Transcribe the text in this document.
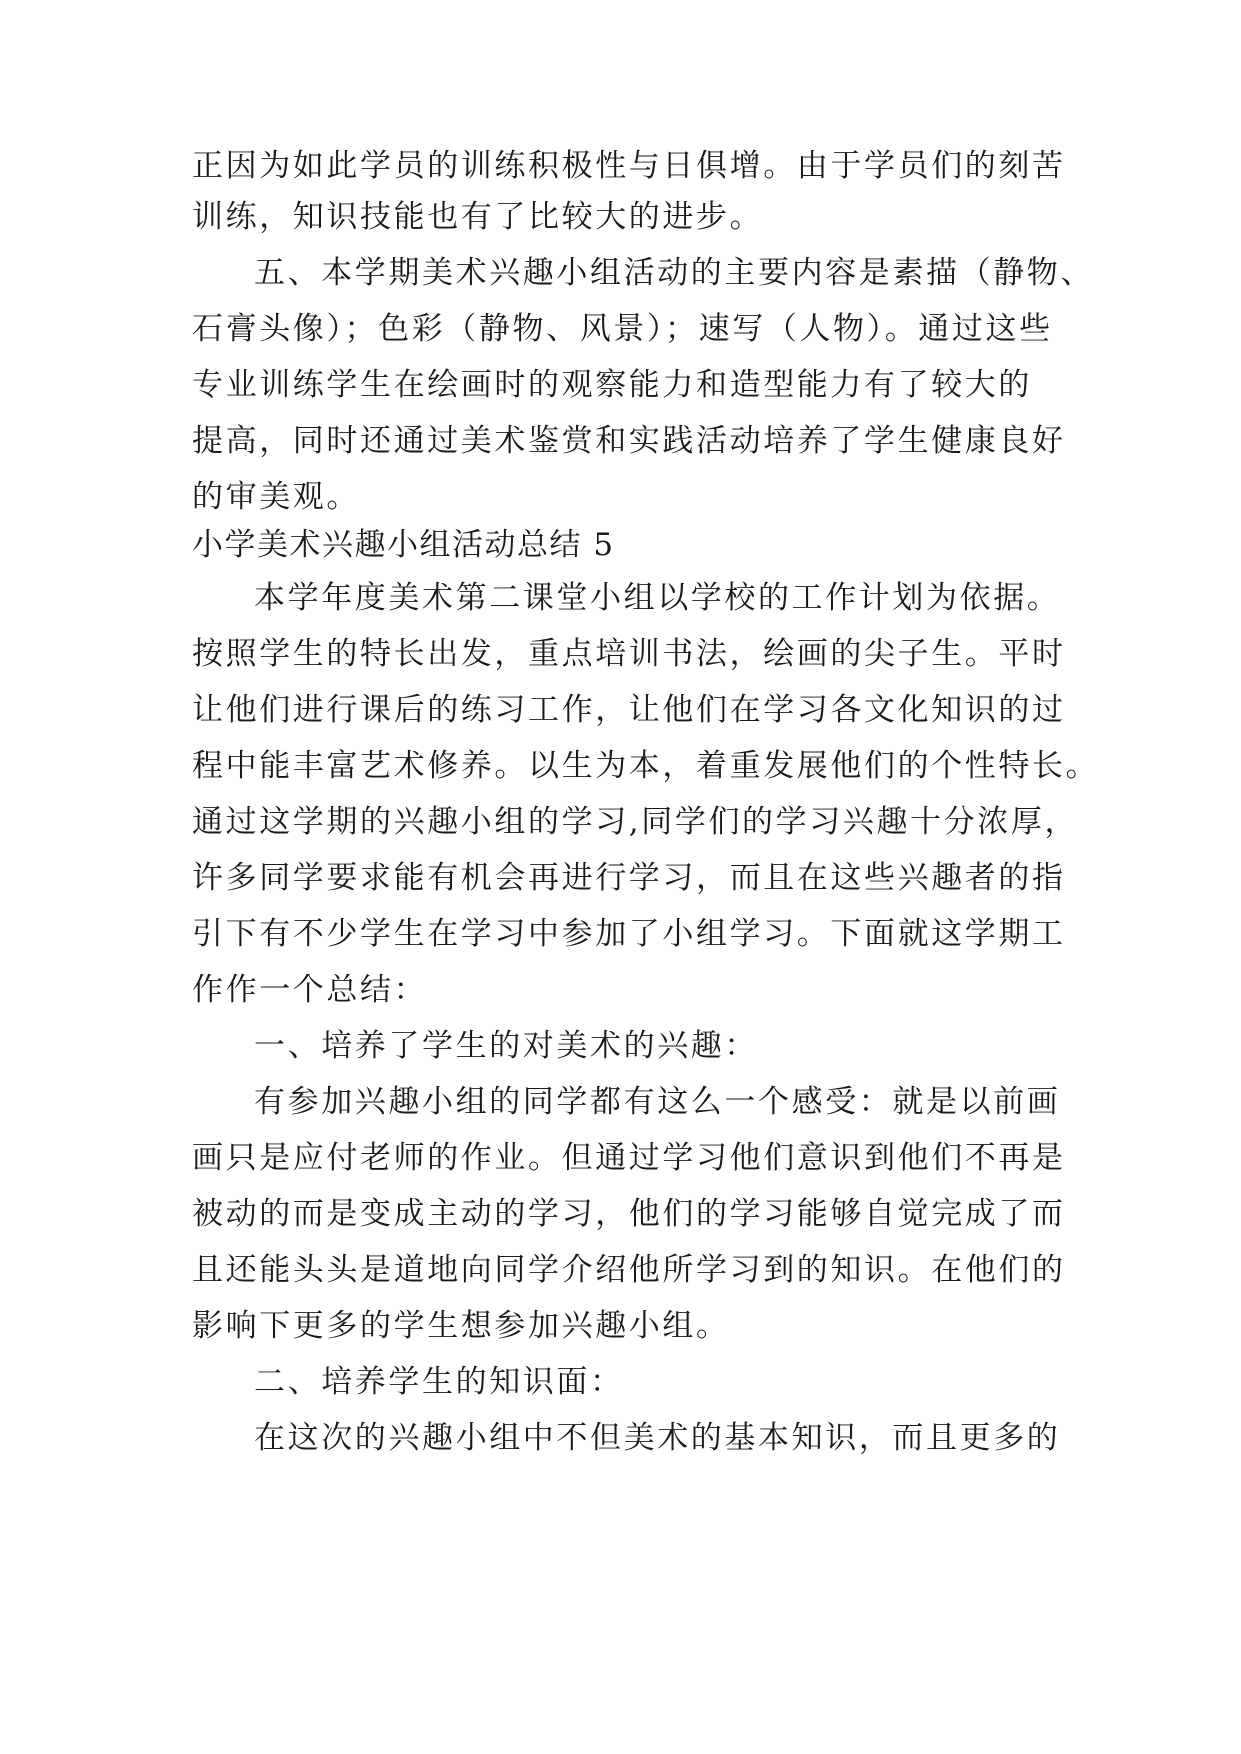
正因为如此学员的训练积极性与日俱增。由于学员们的刻苦
训练，知识技能也有了比较大的进步。
五、本学期美术兴趣小组活动的主要内容是素描（静物、
石膏头像）；色彩（静物、风景）；速写（人物）。通过这些
专业训练学生在绘画时的观察能力和造型能力有了较大的
提高，同时还通过美术鉴赏和实践活动培养了学生健康良好
的审美观。
小学美术兴趣小组活动总结 5
本学年度美术第二课堂小组以学校的工作计划为依据。
按照学生的特长出发，重点培训书法，绘画的尖子生。平时
让他们进行课后的练习工作，让他们在学习各文化知识的过
程中能丰富艺术修养。以生为本，着重发展他们的个性特长。
通过这学期的兴趣小组的学习,同学们的学习兴趣十分浓厚，
许多同学要求能有机会再进行学习，而且在这些兴趣者的指
引下有不少学生在学习中参加了小组学习。下面就这学期工
作作一个总结：
一、培养了学生的对美术的兴趣：
有参加兴趣小组的同学都有这么一个感受：就是以前画
画只是应付老师的作业。但通过学习他们意识到他们不再是
被动的而是变成主动的学习，他们的学习能够自觉完成了而
且还能头头是道地向同学介绍他所学习到的知识。在他们的
影响下更多的学生想参加兴趣小组。
二、培养学生的知识面：
在这次的兴趣小组中不但美术的基本知识，而且更多的
